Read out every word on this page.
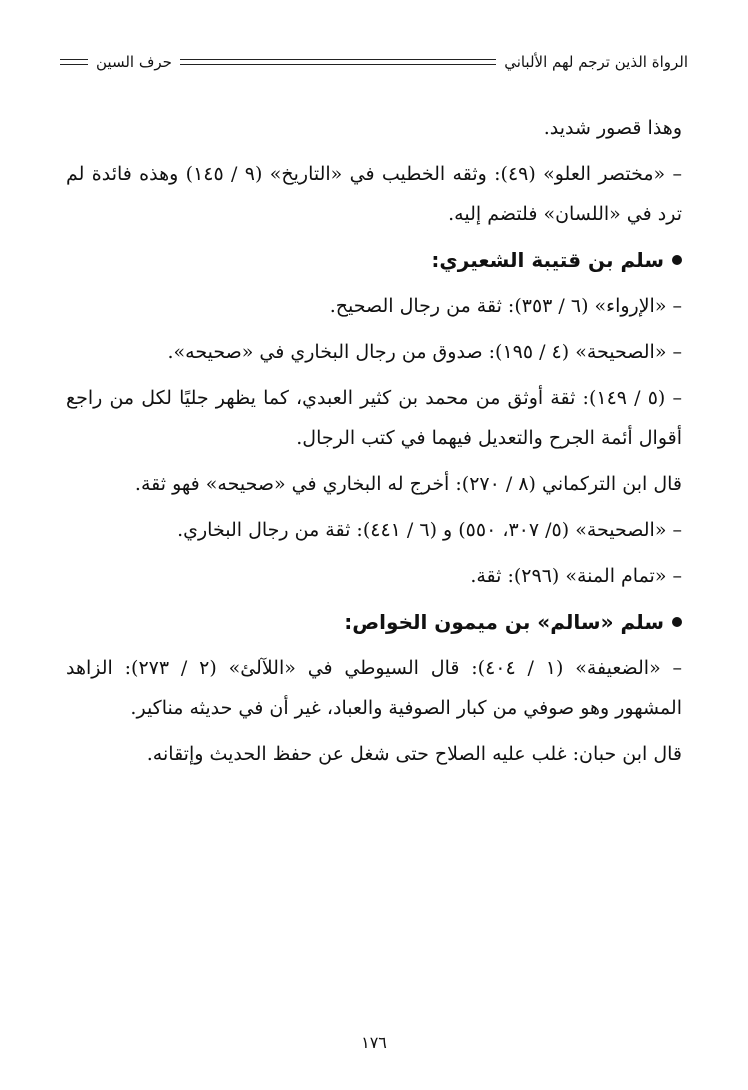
الرواة الذين ترجم لهم الألباني
حرف السين

وهذا قصور شديد.

– «مختصر العلو» (٤٩): وثقه الخطيب في «التاريخ» (٩ / ١٤٥) وهذه فائدة لم ترد في «اللسان» فلتضم إليه.

سلم بن قتيبة الشعيري:

– «الإرواء» (٦ / ٣٥٣): ثقة من رجال الصحيح.

– «الصحيحة» (٤ / ١٩٥): صدوق من رجال البخاري في «صحيحه».

– (٥ / ١٤٩): ثقة أوثق من محمد بن كثير العبدي، كما يظهر جليًا لكل من راجع أقوال أئمة الجرح والتعديل فيهما في كتب الرجال.

قال ابن التركماني (٨ / ٢٧٠): أخرج له البخاري في «صحيحه» فهو ثقة.

– «الصحيحة» (٥/ ٣٠٧، ٥٥٠) و (٦ / ٤٤١): ثقة من رجال البخاري.

– «تمام المنة» (٢٩٦): ثقة.

سلم «سالم» بن ميمون الخواص:

– «الضعيفة» (١ / ٤٠٤): قال السيوطي في «اللآلئ» (٢ / ٢٧٣): الزاهد المشهور وهو صوفي من كبار الصوفية والعباد، غير أن في حديثه مناكير.

قال ابن حبان: غلب عليه الصلاح حتى شغل عن حفظ الحديث وإتقانه.

١٧٦
